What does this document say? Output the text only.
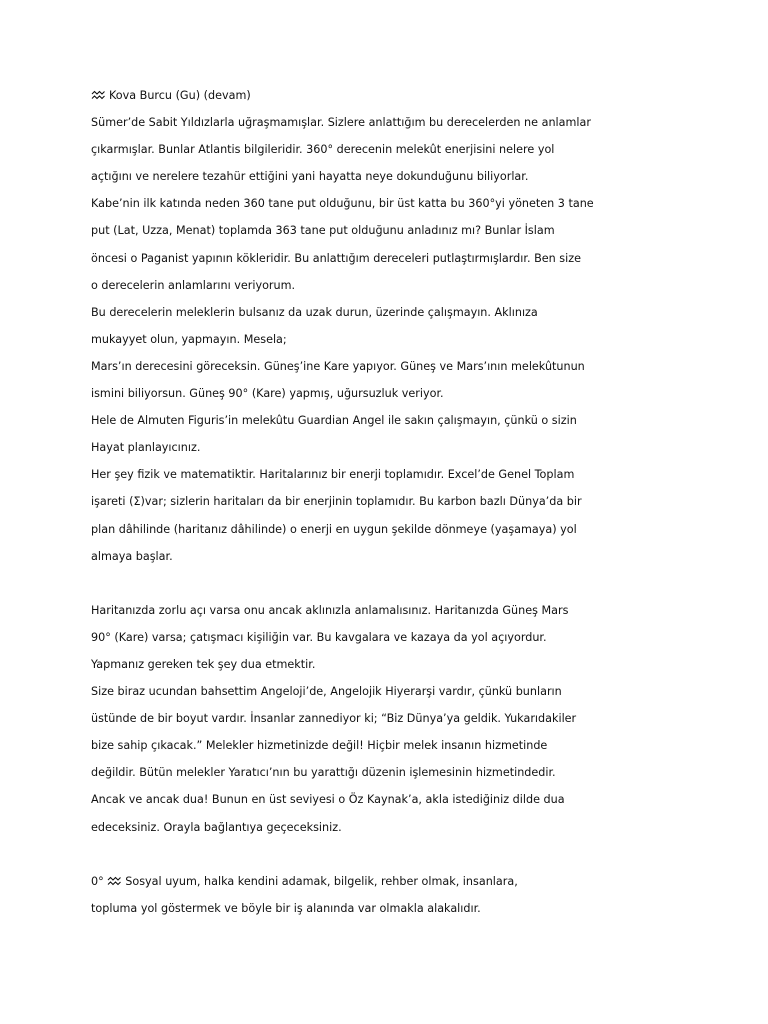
Kova Burcu (Gu) (devam)
Sümer’de Sabit Yıldızlarla uğraşmamışlar. Sizlere anlattığım bu derecelerden ne anlamlar
çıkarmışlar. Bunlar Atlantis bilgileridir. 360° derecenin melekût enerjisini nelere yol
açtığını ve nerelere tezahür ettiğini yani hayatta neye dokunduğunu biliyorlar.
Kabe’nin ilk katında neden 360 tane put olduğunu, bir üst katta bu 360°yi yöneten 3 tane
put (Lat, Uzza, Menat) toplamda 363 tane put olduğunu anladınız mı? Bunlar İslam
öncesi o Paganist yapının kökleridir. Bu anlattığım dereceleri putlaştırmışlardır. Ben size
o derecelerin anlamlarını veriyorum.
Bu derecelerin meleklerin bulsanız da uzak durun, üzerinde çalışmayın. Aklınıza
mukayyet olun, yapmayın. Mesela;
Mars’ın derecesini göreceksin. Güneş’ine Kare yapıyor. Güneş ve Mars’ının melekûtunun
ismini biliyorsun. Güneş 90° (Kare) yapmış, uğursuzluk veriyor.
Hele de Almuten Figuris’in melekûtu Guardian Angel ile sakın çalışmayın, çünkü o sizin
Hayat planlayıcınız.
Her şey fizik ve matematiktir. Haritalarınız bir enerji toplamıdır. Excel’de Genel Toplam
işareti (Σ)var; sizlerin haritaları da bir enerjinin toplamıdır. Bu karbon bazlı Dünya’da bir
plan dâhilinde (haritanız dâhilinde) o enerji en uygun şekilde dönmeye (yaşamaya) yol
almaya başlar.
Haritanızda zorlu açı varsa onu ancak aklınızla anlamalısınız. Haritanızda Güneş Mars
90° (Kare) varsa; çatışmacı kişiliğin var. Bu kavgalara ve kazaya da yol açıyordur.
Yapmanız gereken tek şey dua etmektir.
Size biraz ucundan bahsettim Angeloji’de, Angelojik Hiyerarşi vardır, çünkü bunların
üstünde de bir boyut vardır. İnsanlar zannediyor ki; “Biz Dünya’ya geldik. Yukarıdakiler
bize sahip çıkacak.” Melekler hizmetinizde değil! Hiçbir melek insanın hizmetinde
değildir. Bütün melekler Yaratıcı’nın bu yarattığı düzenin işlemesinin hizmetindedir.
Ancak ve ancak dua! Bunun en üst seviyesi o Öz Kaynak’a, akla istediğiniz dilde dua
edeceksiniz. Orayla bağlantıya geçeceksiniz.
0° Sosyal uyum, halka kendini adamak, bilgelik, rehber olmak, insanlara,
topluma yol göstermek ve böyle bir iş alanında var olmakla alakalıdır.
